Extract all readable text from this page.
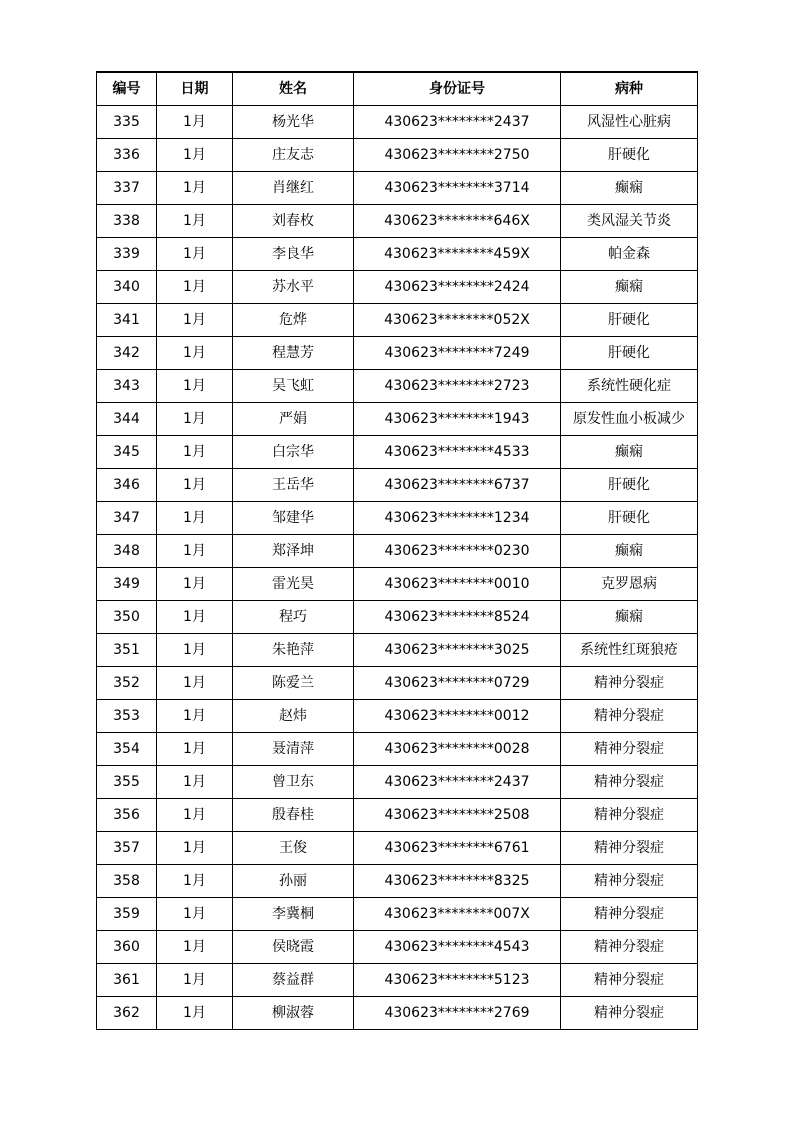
编号	日期	姓名	身份证号	病种
335	1月	杨光华	430623********2437	风湿性心脏病
336	1月	庄友志	430623********2750	肝硬化
337	1月	肖继红	430623********3714	癫痫
338	1月	刘春枚	430623********646X	类风湿关节炎
339	1月	李良华	430623********459X	帕金森
340	1月	苏水平	430623********2424	癫痫
341	1月	危烨	430623********052X	肝硬化
342	1月	程慧芳	430623********7249	肝硬化
343	1月	吴飞虹	430623********2723	系统性硬化症
344	1月	严娟	430623********1943	原发性血小板减少
345	1月	白宗华	430623********4533	癫痫
346	1月	王岳华	430623********6737	肝硬化
347	1月	邹建华	430623********1234	肝硬化
348	1月	郑泽坤	430623********0230	癫痫
349	1月	雷光昊	430623********0010	克罗恩病
350	1月	程巧	430623********8524	癫痫
351	1月	朱艳萍	430623********3025	系统性红斑狼疮
352	1月	陈爱兰	430623********0729	精神分裂症
353	1月	赵炜	430623********0012	精神分裂症
354	1月	聂清萍	430623********0028	精神分裂症
355	1月	曾卫东	430623********2437	精神分裂症
356	1月	殷春桂	430623********2508	精神分裂症
357	1月	王俊	430623********6761	精神分裂症
358	1月	孙丽	430623********8325	精神分裂症
359	1月	李冀桐	430623********007X	精神分裂症
360	1月	侯晓霞	430623********4543	精神分裂症
361	1月	蔡益群	430623********5123	精神分裂症
362	1月	柳淑蓉	430623********2769	精神分裂症
